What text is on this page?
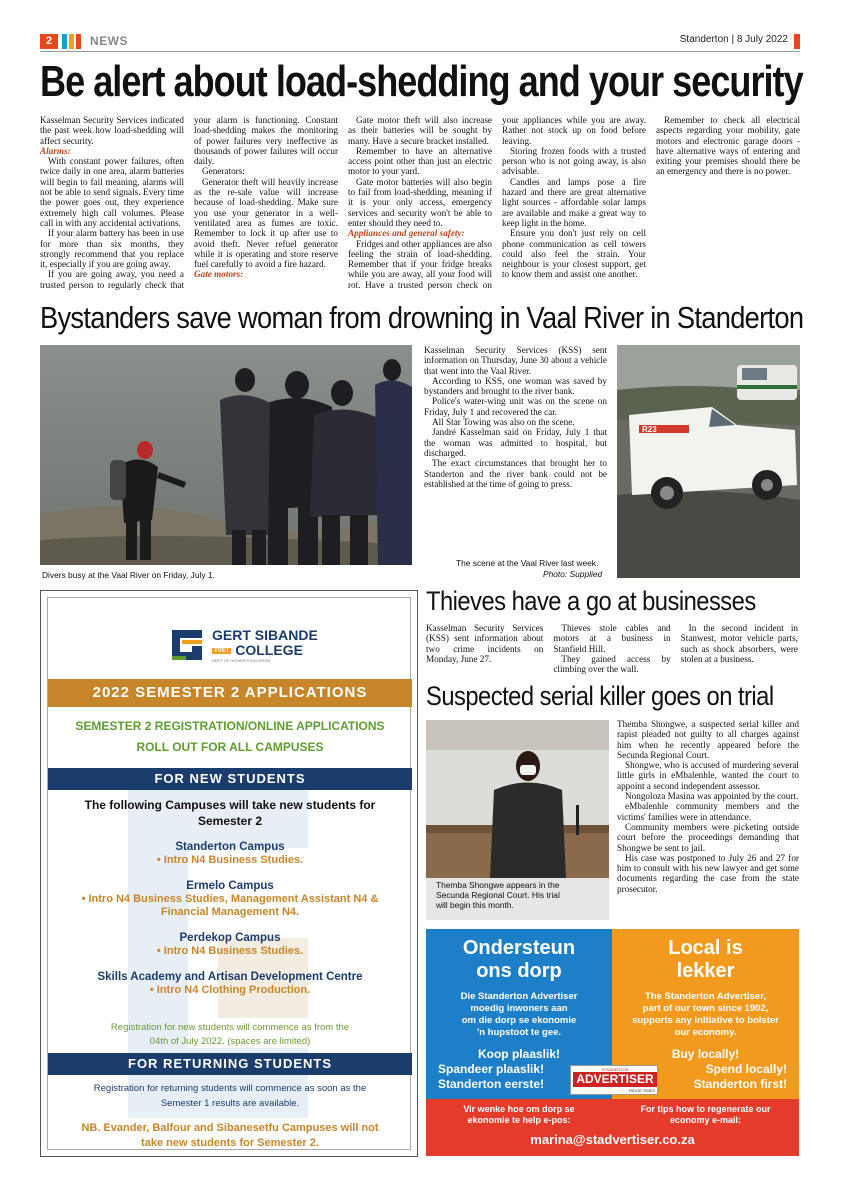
2	NEWS	Standerton | 8 July 2022
Be alert about load-shedding and your security

Kasselman Security Services indicated the past week how load-shedding will affect security.

Alarms:

With constant power failures, often twice daily in one area, alarm batteries will begin to fail meaning, alarms will not be able to send signals. Every time the power goes out, they experience extremely high call volumes. Please call in with any accidental activations.

If your alarm battery has been in use for more than six months, they strongly recommend that you replace it, especially if you are going away.

If you are going away, you need a trusted person to regularly check that your alarm is functioning. Constant load-shedding makes the monitoring of power failures very ineffective as thousands of power failures will occur daily.

Generators:

Generator theft will heavily increase as the re-sale value will increase because of load-shedding. Make sure you use your generator in a well-ventilated area as fumes are toxic. Remember to lock it up after use to avoid theft. Never refuel generator while it is operating and store reserve fuel carefully to avoid a fire hazard.

Gate motors:

Gate motor theft will also increase as their batteries will be sought by many. Have a secure bracket installed.

Remember to have an alternative access point other than just an electric motor to your yard.

Gate motor batteries will also begin to fail from load-shedding, meaning if it is your only access, emergency services and security won't be able to enter should they need to.

Appliances and general safety:

Fridges and other appliances are also feeling the strain of load-shedding. Remember that if your fridge breaks while you are away, all your food will rot. Have a trusted person check on your appliances while you are away. Rather not stock up on food before leaving.

Storing frozen foods with a trusted person who is not going away, is also advisable.

Candles and lamps pose a fire hazard and there are great alternative light sources - affordable solar lamps are available and make a great way to keep light in the home.

Ensure you don't just rely on cell phone communication as cell towers could also feel the strain. Your neighbour is your closest support, get to know them and assist one another.

Remember to check all electrical aspects regarding your mobility, gate motors and electronic garage doors - have alternative ways of entering and exiting your premises should there be an emergency and there is no power.

Bystanders save woman from drowning in Vaal River in Standerton
Divers busy at the Vaal River on Friday, July 1.

Kasselman Security Services (KSS) sent information on Thursday, June 30 about a vehicle that went into the Vaal River.

According to KSS, one woman was saved by bystanders and brought to the river bank.

Police's water-wing unit was on the scene on Friday, July 1 and recovered the car.

All Star Towing was also on the scene.

Jandré Kasselman said on Friday, July 1 that the woman was admitted to hospital, but discharged.

The exact circumstances that brought her to Standerton and the river bank could not be established at the time of going to press.

R23
The scene at the Vaal River last week.
Photo: Supplied
GERT SIBANDE
TVET COLLEGE
DEPT OF HIGHER EDUCATION
2022 SEMESTER 2 APPLICATIONS
SEMESTER 2 REGISTRATION/ONLINE APPLICATIONS
ROLL OUT FOR ALL CAMPUSES
FOR NEW STUDENTS
The following Campuses will take new students for
Semester 2
Standerton Campus
• Intro N4 Business Studies.
Ermelo Campus
• Intro N4 Business Studies, Management Assistant N4 &
Financial Management N4.
Perdekop Campus
• Intro N4 Business Studies.
Skills Academy and Artisan Development Centre
• Intro N4 Clothing Production.
Registration for new students will commence as from the
04th of July 2022. (spaces are limited)
FOR RETURNING STUDENTS
Registration for returning students will commence as soon as the
Semester 1 results are available.
NB. Evander, Balfour and Sibanesetfu Campuses will not
take new students for Semester 2.
Thieves have a go at businesses

Kasselman Security Services (KSS) sent information about two crime incidents on Monday, June 27.

Thieves stole cables and motors at a business in Stanfield Hill.

They gained access by climbing over the wall.

In the second incident in Stanwest, motor vehicle parts, such as shock absorbers, were stolen at a business.

Suspected serial killer goes on trial
Themba Shongwe appears in the
Secunda Regional Court. His trial
will begin this month.

Themba Shongwe, a suspected serial killer and rapist pleaded not guilty to all charges against him when he recently appeared before the Secunda Regional Court.

Shongwe, who is accused of murdering several little girls in eMbalenhle, wanted the court to appoint a second independent assessor.

Nongoloza Masina was appointed by the court.

eMbalenhle community members and the victims' families were in attendance.

Community members were picketing outside court before the proceedings demanding that Shongwe be sent to jail.

His case was postponed to July 26 and 27 for him to consult with his new lawyer and get some documents regarding the case from the state prosecutor.

Ondersteun
ons dorp
Die Standerton Advertiser
moedig inwoners aan
om die dorp se ekonomie
'n hupstoot te gee.
Koop plaaslik!
Spandeer plaaslik!
Standerton eerste!
Local is
lekker
The Standerton Advertiser,
part of our town since 1902,
supports any initiative to bolster
our economy.
Buy locally!
Spend locally!
Standerton first!
STANDERTON
ADVERTISER
RIDGE TIMES
Vir wenke hoe om dorp se
ekonomie te help e-pos:
For tips how to regenerate our
economy e-mail:
marina@stadvertiser.co.za
